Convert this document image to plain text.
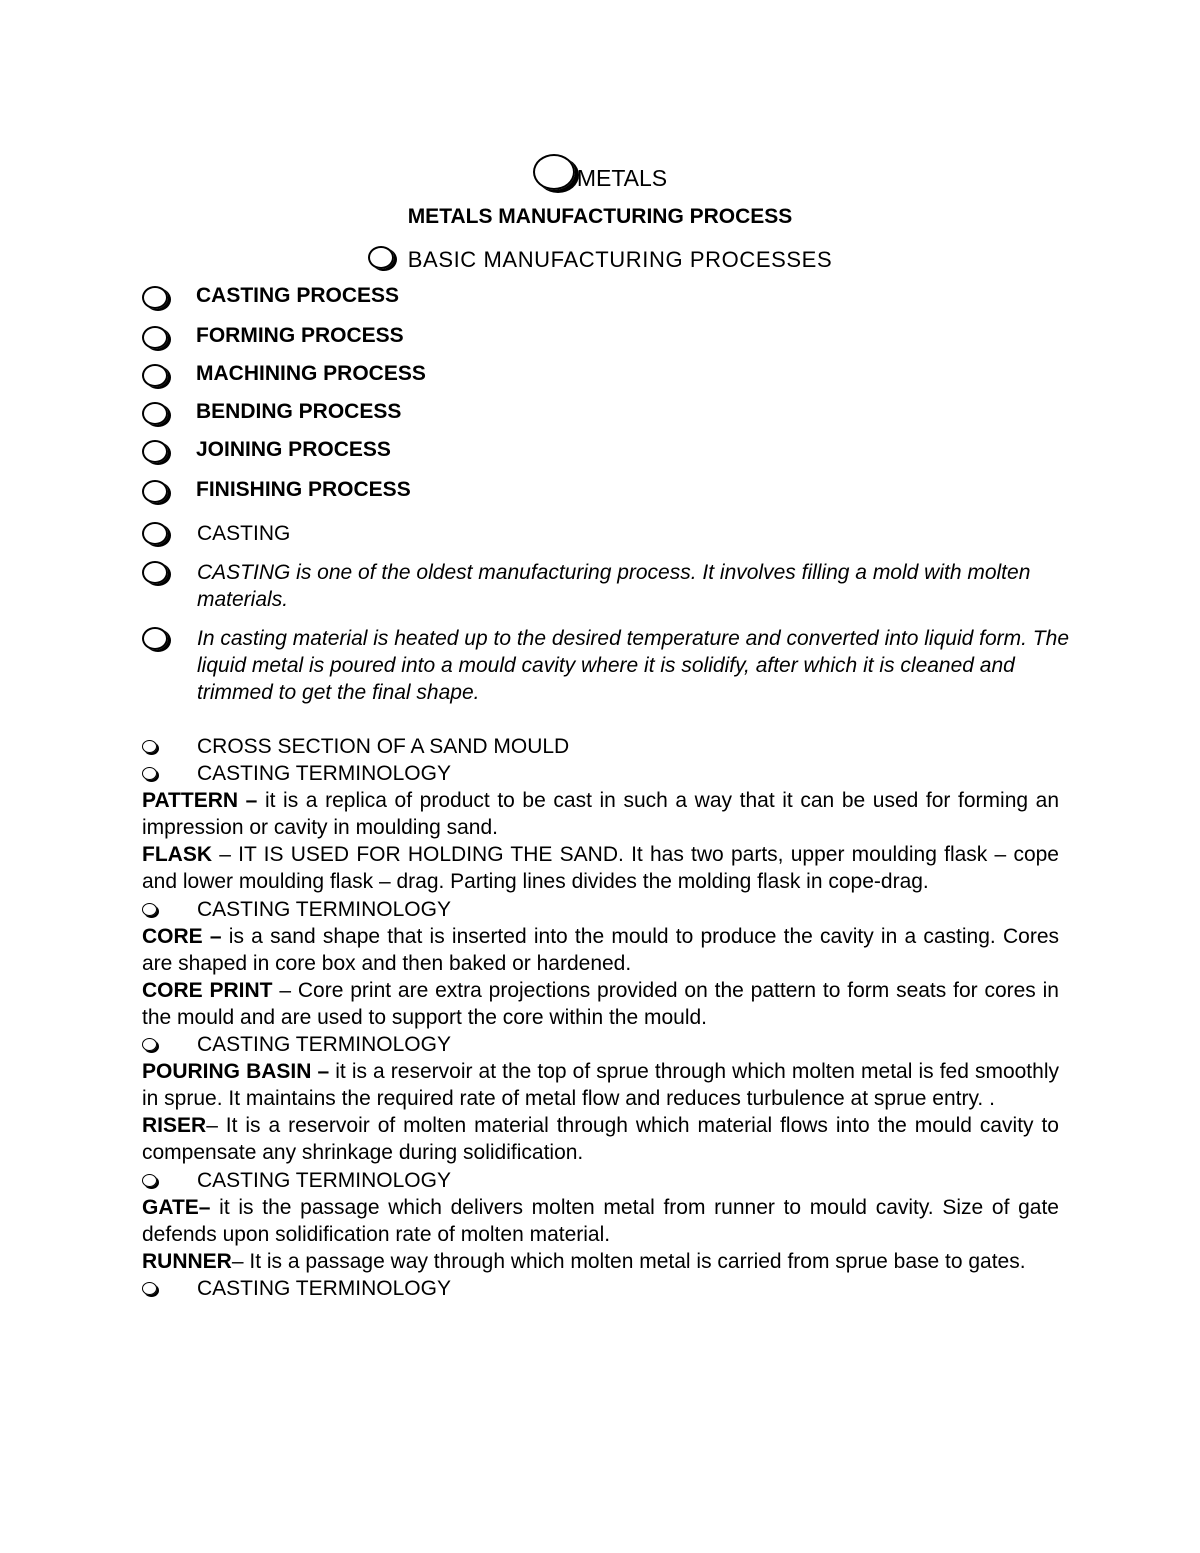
METALS
METALS MANUFACTURING PROCESS
BASIC MANUFACTURING PROCESSES
CASTING PROCESS
FORMING PROCESS
MACHINING PROCESS
BENDING PROCESS
JOINING PROCESS
FINISHING PROCESS
CASTING
CASTING is one of the oldest manufacturing process. It involves filling a mold with molten materials.
In casting material is heated up to the desired temperature and converted into liquid form. The liquid metal is poured into a mould cavity where it is solidify, after which it is cleaned and trimmed to get the final shape.
CROSS SECTION OF A SAND MOULD
CASTING TERMINOLOGY
PATTERN – it is a replica of product to be cast in such a way that it can be used for forming an impression or cavity in moulding sand.
FLASK – IT IS USED FOR HOLDING THE SAND. It has two parts, upper moulding flask – cope and lower moulding flask – drag. Parting lines divides the molding flask in cope-drag.
CASTING TERMINOLOGY
CORE – is a sand shape that is inserted into the mould to produce the cavity in a casting. Cores are shaped in core box and then baked or hardened.
CORE PRINT – Core print are extra projections provided on the pattern to form seats for cores in the mould and are used to support the core within the mould.
CASTING TERMINOLOGY
POURING BASIN – it is a reservoir at the top of sprue through which molten metal is fed smoothly in sprue. It maintains the required rate of metal flow and reduces turbulence at sprue entry. .
RISER– It is a reservoir of molten material through which material flows into the mould cavity to compensate any shrinkage during solidification.
CASTING TERMINOLOGY
GATE– it is the passage which delivers molten metal from runner to mould cavity. Size of gate defends upon solidification rate of molten material.
RUNNER– It is a passage way through which molten metal is carried from sprue base to gates.
CASTING TERMINOLOGY
